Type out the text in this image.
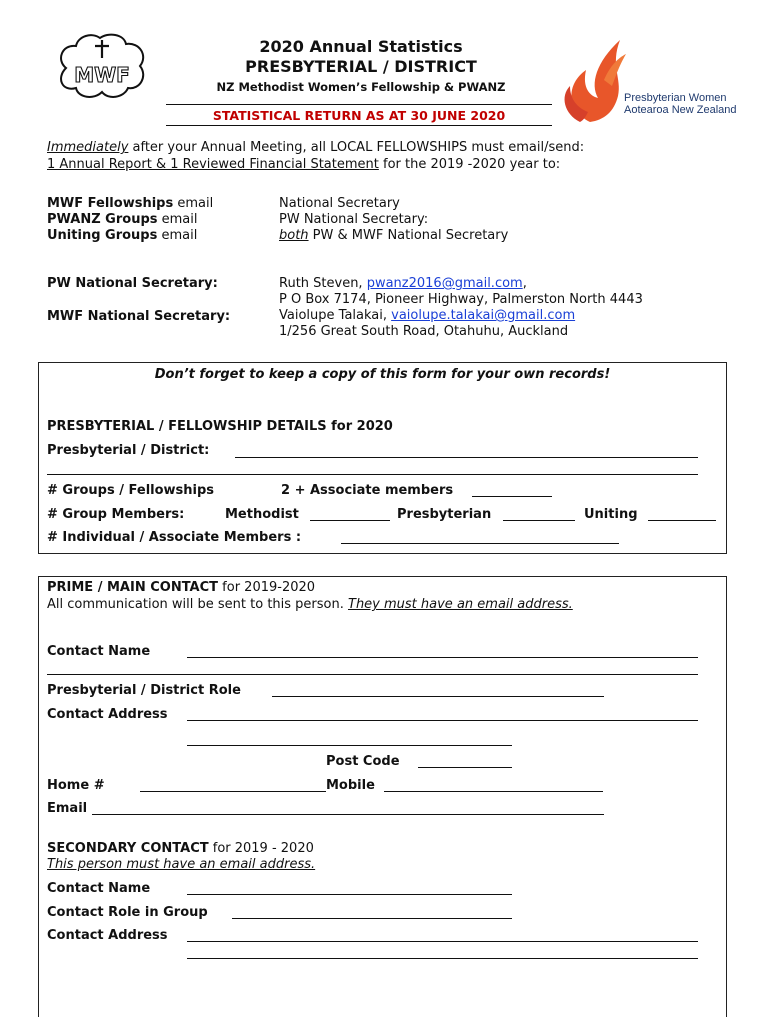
MWF
Presbyterian Women
Aotearoa New Zealand
2020 Annual Statistics
PRESBYTERIAL / DISTRICT
NZ Methodist Women’s Fellowship & PWANZ
STATISTICAL RETURN AS AT 30 JUNE 2020
Immediately after your Annual Meeting, all LOCAL FELLOWSHIPS must email/send:
1 Annual Report & 1 Reviewed Financial Statement for the 2019 -2020 year to:
MWF Fellowships email	National Secretary
PWANZ Groups email	PW National Secretary:
Uniting Groups email	both PW & MWF National Secretary
PW National Secretary:	Ruth Steven, pwanz2016@gmail.com,
P O Box 7174, Pioneer Highway, Palmerston North 4443
MWF National Secretary:	Vaiolupe Talakai, vaiolupe.talakai@gmail.com
1/256 Great South Road, Otahuhu, Auckland
Don’t forget to keep a copy of this form for your own records!
PRESBYTERIAL / FELLOWSHIP DETAILS for 2020
Presbyterial / District:
# Groups / Fellowships	2 + Associate members
# Group Members:	Methodist	Presbyterian	Uniting
# Individual / Associate Members :
PRIME / MAIN CONTACT for 2019-2020
All communication will be sent to this person. They must have an email address.
Contact Name
Presbyterial / District Role
Contact Address
Post Code
Home #	Mobile
Email
SECONDARY CONTACT for 2019 - 2020
This person must have an email address.
Contact Name
Contact Role in Group
Contact Address
